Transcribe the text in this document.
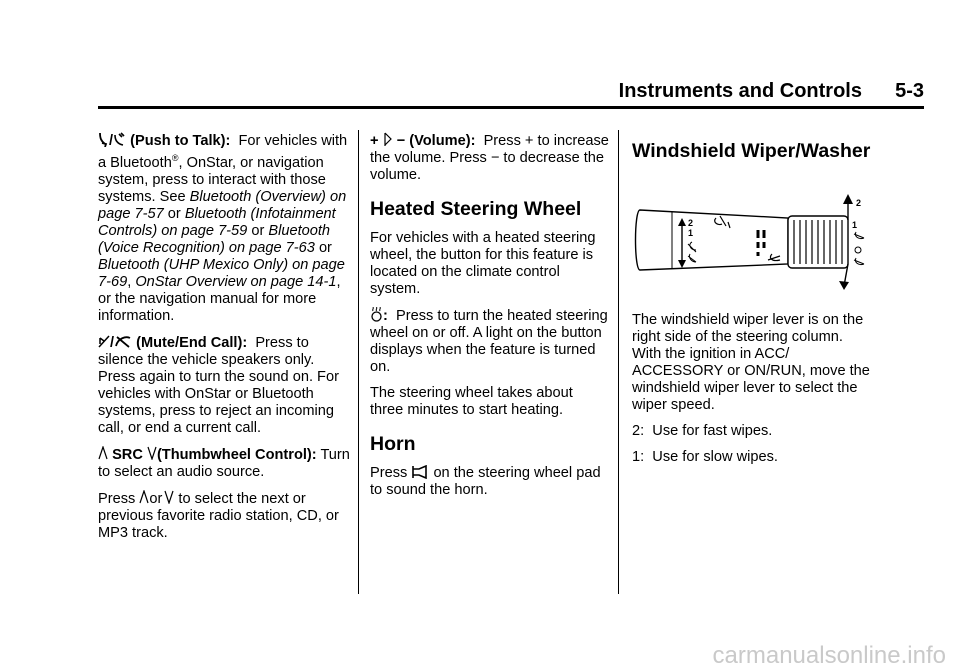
Instruments and Controls 5-3

/ (Push to Talk): For vehicles with a Bluetooth®, OnStar, or navigation system, press to interact with those systems. See Bluetooth (Overview) on page 7-57 or Bluetooth (Infotainment Controls) on page 7-59 or Bluetooth (Voice Recognition) on page 7-63 or Bluetooth (UHP Mexico Only) on page 7-69, OnStar Overview on page 14-1, or the navigation manual for more information.

/ (Mute/End Call): Press to silence the vehicle speakers only. Press again to turn the sound on. For vehicles with OnStar or Bluetooth systems, press to reject an incoming call, or end a current call.

SRC (Thumbwheel Control): Turn to select an audio source.

Press or to select the next or previous favorite radio station, CD, or MP3 track.

+ − (Volume): Press + to increase the volume. Press − to decrease the volume.

Heated Steering Wheel

For vehicles with a heated steering wheel, the button for this feature is located on the climate control system.

: Press to turn the heated steering wheel on or off. A light on the button displays when the feature is turned on.

The steering wheel takes about three minutes to start heating.

Horn

Press on the steering wheel pad to sound the horn.

Windshield Wiper/Washer
2
1
2
1

The windshield wiper lever is on the right side of the steering column. With the ignition in ACC/ ACCESSORY or ON/RUN, move the windshield wiper lever to select the wiper speed.

2: Use for fast wipes.

1: Use for slow wipes.

carmanualsonline.info
